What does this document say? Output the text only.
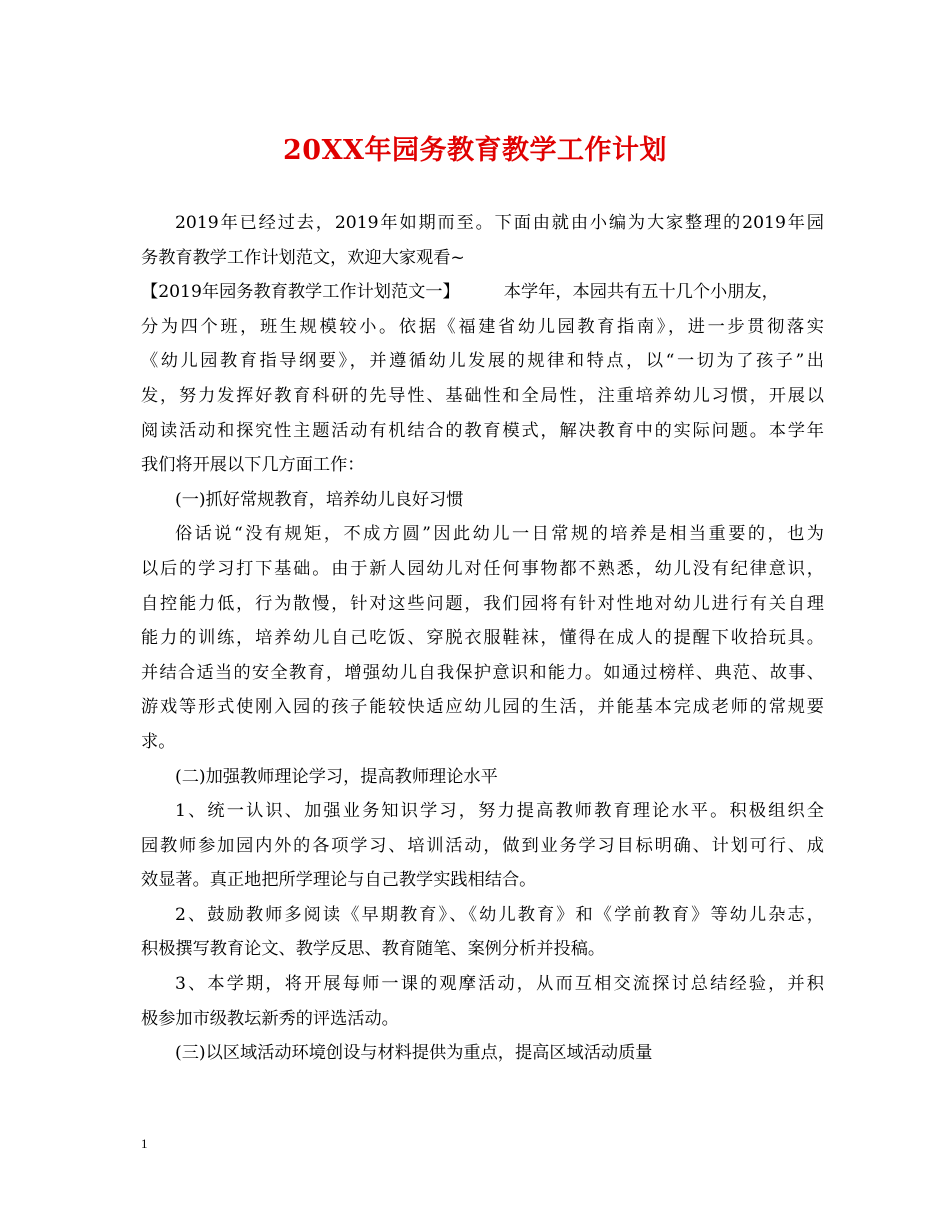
20XX年园务教育教学工作计划
2019年已经过去，2019年如期而至。下面由就由小编为大家整理的2019年园
务教育教学工作计划范文，欢迎大家观看~
【2019年园务教育教学工作计划范文一】	本学年，本园共有五十几个小朋友，
分为四个班，班生规模较小。依据《福建省幼儿园教育指南》，进一步贯彻落实
《幼儿园教育指导纲要》，并遵循幼儿发展的规律和特点，以“一切为了孩子”出
发，努力发挥好教育科研的先导性、基础性和全局性，注重培养幼儿习惯，开展以
阅读活动和探究性主题活动有机结合的教育模式，解决教育中的实际问题。本学年
我们将开展以下几方面工作：
(一)抓好常规教育，培养幼儿良好习惯
俗话说“没有规矩，不成方圆”因此幼儿一日常规的培养是相当重要的，也为
以后的学习打下基础。由于新人园幼儿对任何事物都不熟悉，幼儿没有纪律意识，
自控能力低，行为散慢，针对这些问题，我们园将有针对性地对幼儿进行有关自理
能力的训练，培养幼儿自己吃饭、穿脱衣服鞋袜，懂得在成人的提醒下收拾玩具。
并结合适当的安全教育，增强幼儿自我保护意识和能力。如通过榜样、典范、故事、
游戏等形式使刚入园的孩子能较快适应幼儿园的生活，并能基本完成老师的常规要
求。
(二)加强教师理论学习，提高教师理论水平
1、统一认识、加强业务知识学习，努力提高教师教育理论水平。积极组织全
园教师参加园内外的各项学习、培训活动，做到业务学习目标明确、计划可行、成
效显著。真正地把所学理论与自己教学实践相结合。
2、鼓励教师多阅读《早期教育》、《幼儿教育》和《学前教育》等幼儿杂志，
积极撰写教育论文、教学反思、教育随笔、案例分析并投稿。
3、本学期，将开展每师一课的观摩活动，从而互相交流探讨总结经验，并积
极参加市级教坛新秀的评选活动。
(三)以区域活动环境创设与材料提供为重点，提高区域活动质量
1
